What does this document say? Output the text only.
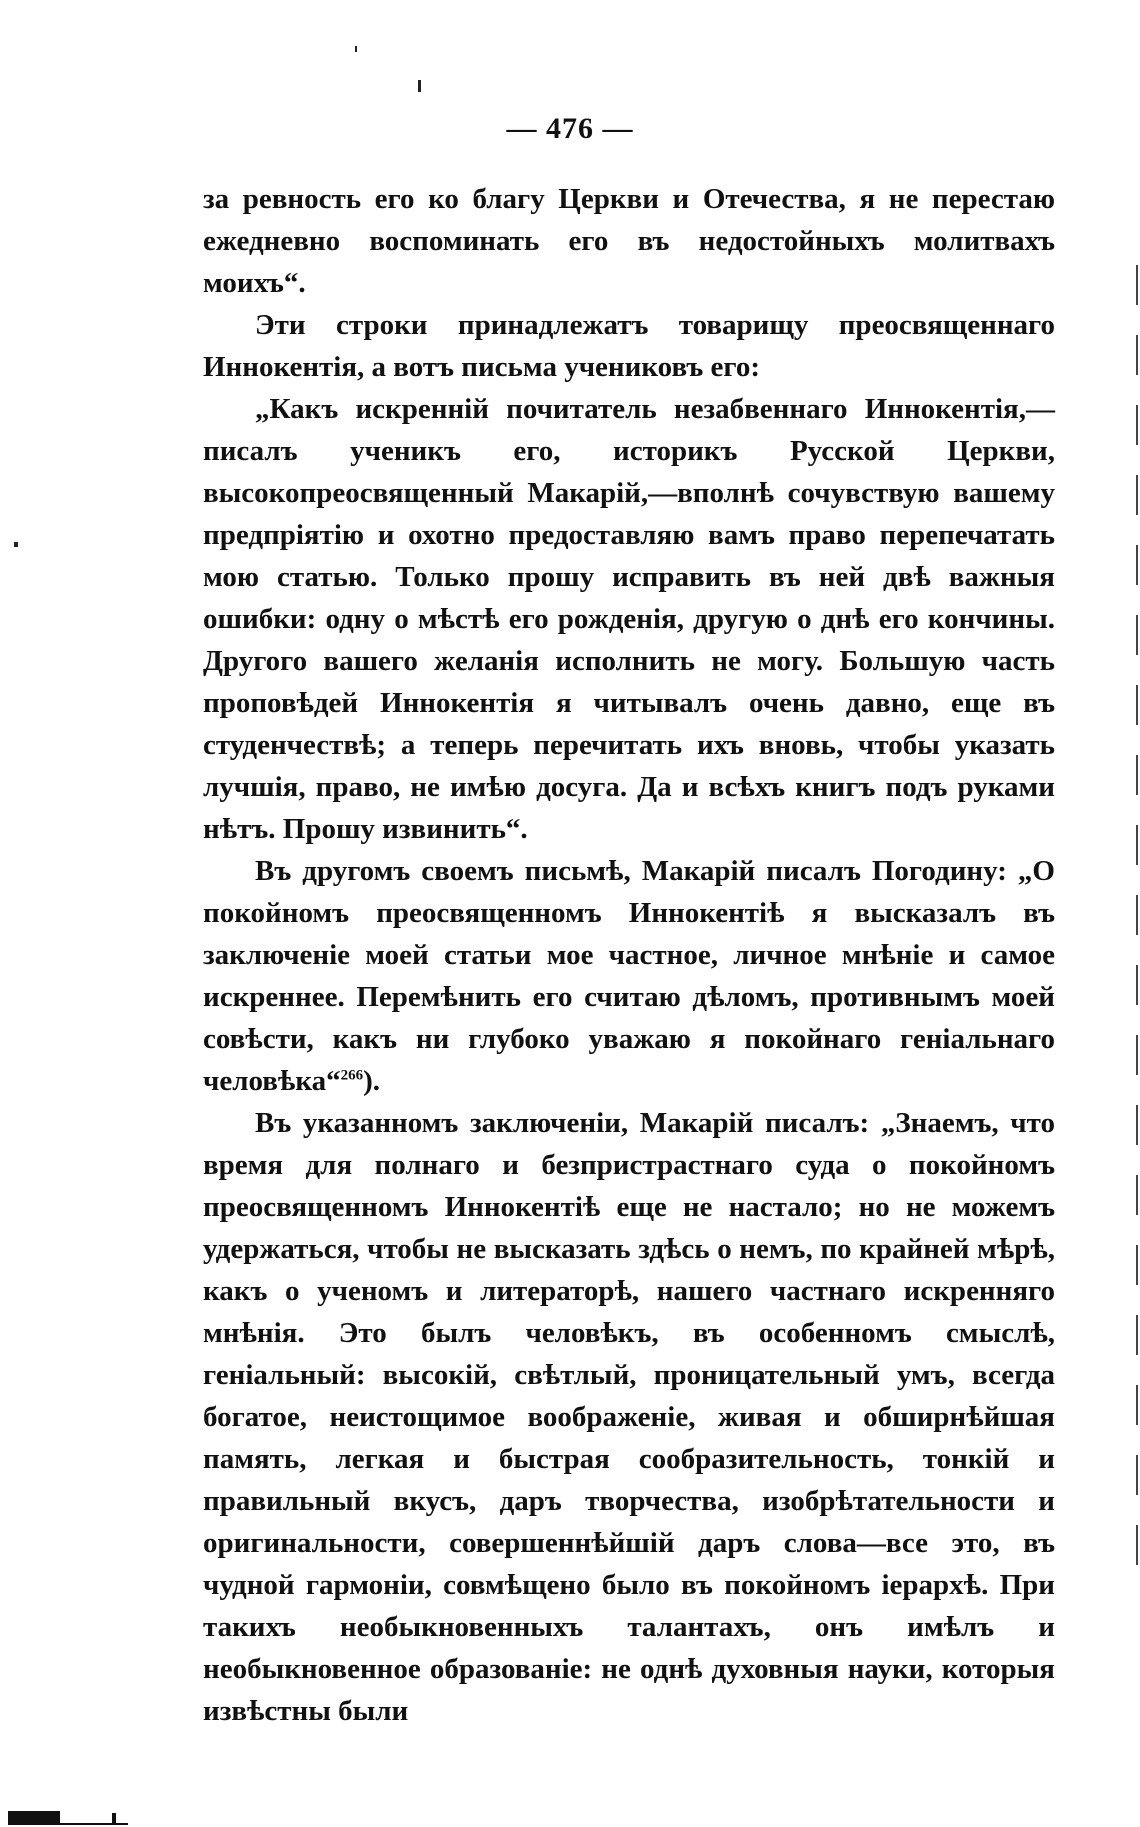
— 476 —

за ревность его ко благу Церкви и Отечества, я не перестаю ежедневно воспоминать его въ недостойныхъ молитвахъ моихъ“.

Эти строки принадлежатъ товарищу преосвященнаго Иннокентія, а вотъ письма учениковъ его:

„Какъ искренній почитатель незабвеннаго Иннокентія,— писалъ ученикъ его, историкъ Русской Церкви, высокопреосвященный Макарій,—вполнѣ сочувствую вашему предпріятію и охотно предоставляю вамъ право перепечатать мою статью. Только прошу исправить въ ней двѣ важныя ошибки: одну о мѣстѣ его рожденія, другую о днѣ его кончины. Другого вашего желанія исполнить не могу. Большую часть проповѣдей Иннокентія я читывалъ очень давно, еще въ студенчествѣ; а теперь перечитать ихъ вновь, чтобы указать лучшія, право, не имѣю досуга. Да и всѣхъ книгъ подъ руками нѣтъ. Прошу извинить“.

Въ другомъ своемъ письмѣ, Макарій писалъ Погодину: „О покойномъ преосвященномъ Иннокентіѣ я высказалъ въ заключеніе моей статьи мое частное, личное мнѣніе и самое искреннее. Перемѣнить его считаю дѣломъ, противнымъ моей совѣсти, какъ ни глубоко уважаю я покойнаго геніальнаго человѣка“$^{266}$).

Въ указанномъ заключеніи, Макарій писалъ: „Знаемъ, что время для полнаго и безпристрастнаго суда о покойномъ преосвященномъ Иннокентіѣ еще не настало; но не можемъ удержаться, чтобы не высказать здѣсь о немъ, по крайней мѣрѣ, какъ о ученомъ и литераторѣ, нашего частнаго искренняго мнѣнія. Это былъ человѣкъ, въ особенномъ смыслѣ, геніальный: высокій, свѣтлый, проницательный умъ, всегда богатое, неистощимое воображеніе, живая и обширнѣйшая память, легкая и быстрая сообразительность, тонкій и правильный вкусъ, даръ творчества, изобрѣтательности и оригинальности, совершеннѣйшій даръ слова—все это, въ чудной гармоніи, совмѣщено было въ покойномъ іерархѣ. При такихъ необыкновенныхъ талантахъ, онъ имѣлъ и необыкновенное образованіе: не однѣ духовныя науки, которыя извѣстны были
